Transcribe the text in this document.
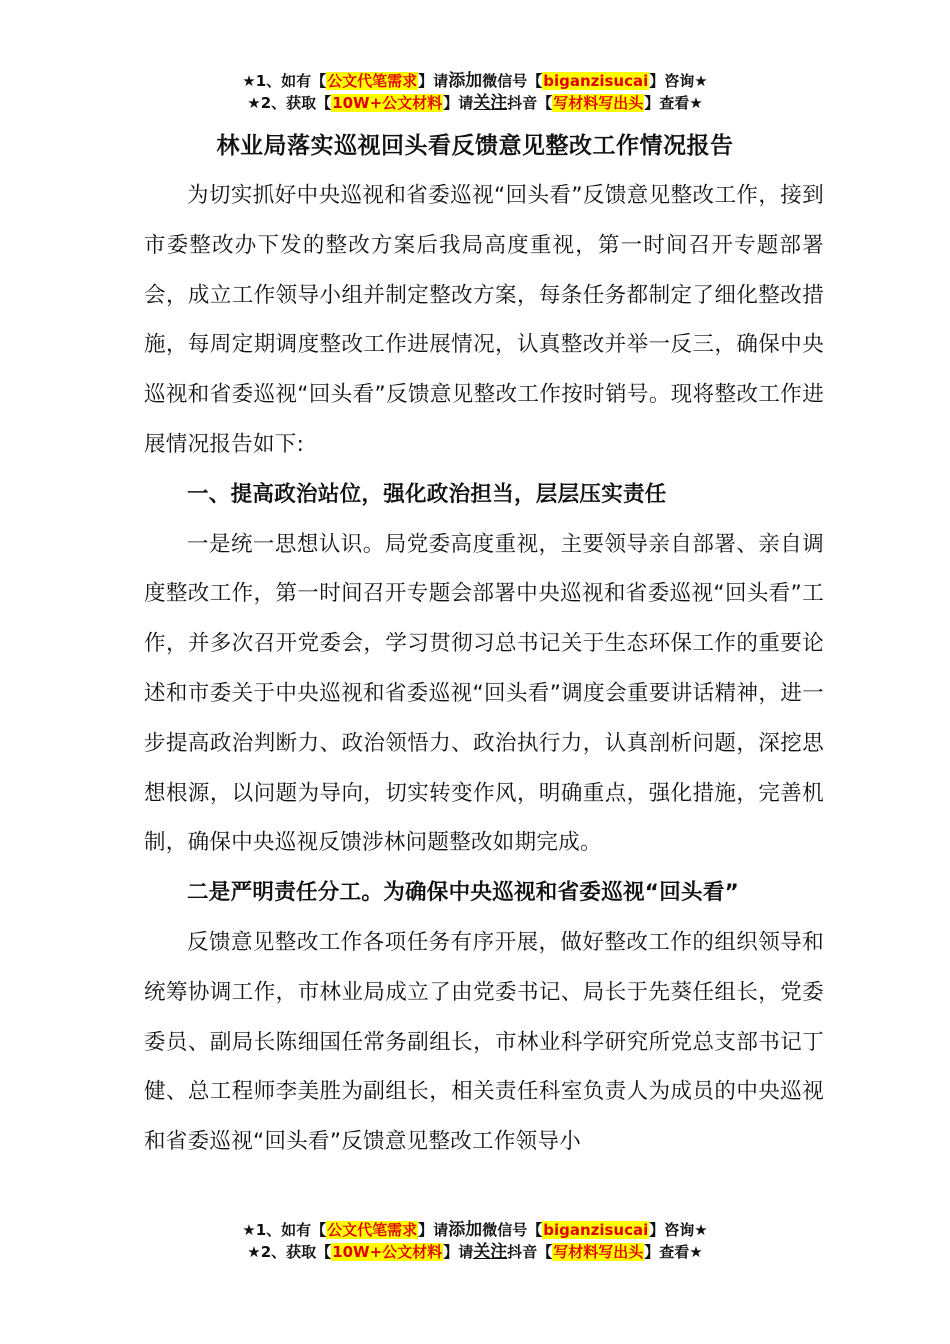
★1、如有【公文代笔需求】请添加微信号【biganzisucai】咨询★
★2、获取【10W+公文材料】请关注抖音【写材料写出头】查看★
林业局落实巡视回头看反馈意见整改工作情况报告

为切实抓好中央巡视和省委巡视“回头看”反馈意见整改工作，接到市委整改办下发的整改方案后我局高度重视，第一时间召开专题部署会，成立工作领导小组并制定整改方案，每条任务都制定了细化整改措施，每周定期调度整改工作进展情况，认真整改并举一反三，确保中央巡视和省委巡视“回头看”反馈意见整改工作按时销号。现将整改工作进展情况报告如下:

一、提高政治站位，强化政治担当，层层压实责任

一是统一思想认识。局党委高度重视，主要领导亲自部署、亲自调度整改工作，第一时间召开专题会部署中央巡视和省委巡视“回头看”工作，并多次召开党委会，学习贯彻习总书记关于生态环保工作的重要论述和市委关于中央巡视和省委巡视“回头看”调度会重要讲话精神，进一步提高政治判断力、政治领悟力、政治执行力，认真剖析问题，深挖思想根源，以问题为导向，切实转变作风，明确重点，强化措施，完善机制，确保中央巡视反馈涉林问题整改如期完成。

二是严明责任分工。为确保中央巡视和省委巡视“回头看”

反馈意见整改工作各项任务有序开展，做好整改工作的组织领导和统筹协调工作，市林业局成立了由党委书记、局长于先葵任组长，党委委员、副局长陈细国任常务副组长，市林业科学研究所党总支部书记丁健、总工程师李美胜为副组长，相关责任科室负责人为成员的中央巡视和省委巡视“回头看”反馈意见整改工作领导小

★1、如有【公文代笔需求】请添加微信号【biganzisucai】咨询★
★2、获取【10W+公文材料】请关注抖音【写材料写出头】查看★
